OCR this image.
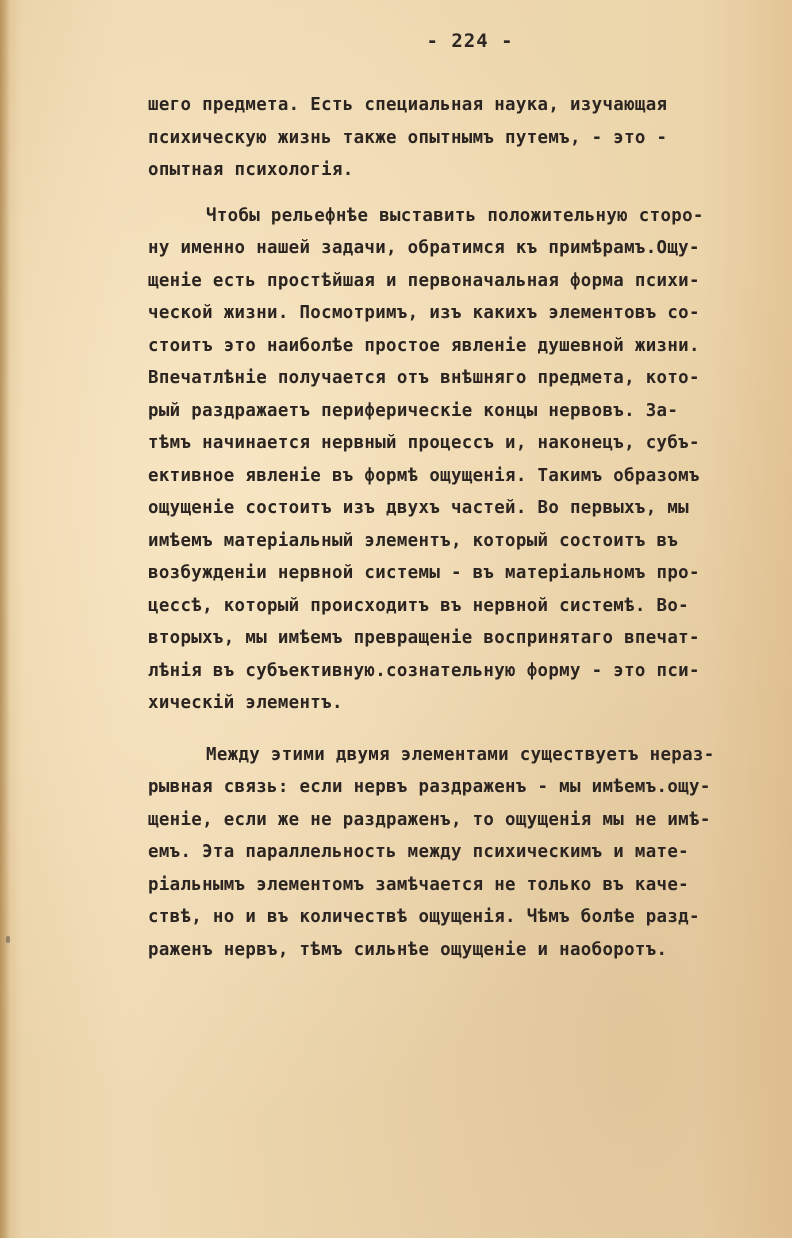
- 224 -
шего предмета. Есть специальная наука, изучающая
психическую жизнь также опытнымъ путемъ, - это -
опытная психологія.
Чтобы рельефнѣе выставить положительную сторо-
ну именно нашей задачи, обратимся къ примѣрамъ.Ощу-
щеніе есть простѣйшая и первоначальная форма психи-
ческой жизни. Посмотримъ, изъ какихъ элементовъ со-
стоитъ это наиболѣе простое явленіе душевной жизни.
Впечатлѣніе получается отъ внѣшняго предмета, кото-
рый раздражаетъ периферическіе концы нервовъ. За-
тѣмъ начинается нервный процессъ и, наконецъ, субъ-
ективное явленіе въ формѣ ощущенія. Такимъ образомъ
ощущеніе состоитъ изъ двухъ частей. Во первыхъ, мы
имѣемъ матеріальный элементъ, который состоитъ въ
возбужденіи нервной системы - въ матеріальномъ про-
цессѣ, который происходитъ въ нервной системѣ. Во-
вторыхъ, мы имѣемъ превращеніе воспринятаго впечат-
лѣнія въ субъективную.сознательную форму - это пси-
хическій элементъ.
Между этими двумя элементами существуетъ нераз-
рывная связь: если нервъ раздраженъ - мы имѣемъ.ощу-
щеніе, если же не раздраженъ, то ощущенія мы не имѣ-
емъ. Эта параллельность между психическимъ и мате-
ріальнымъ элементомъ замѣчается не только въ каче-
ствѣ, но и въ количествѣ ощущенія. Чѣмъ болѣе разд-
раженъ нервъ, тѣмъ сильнѣе ощущеніе и наоборотъ.
